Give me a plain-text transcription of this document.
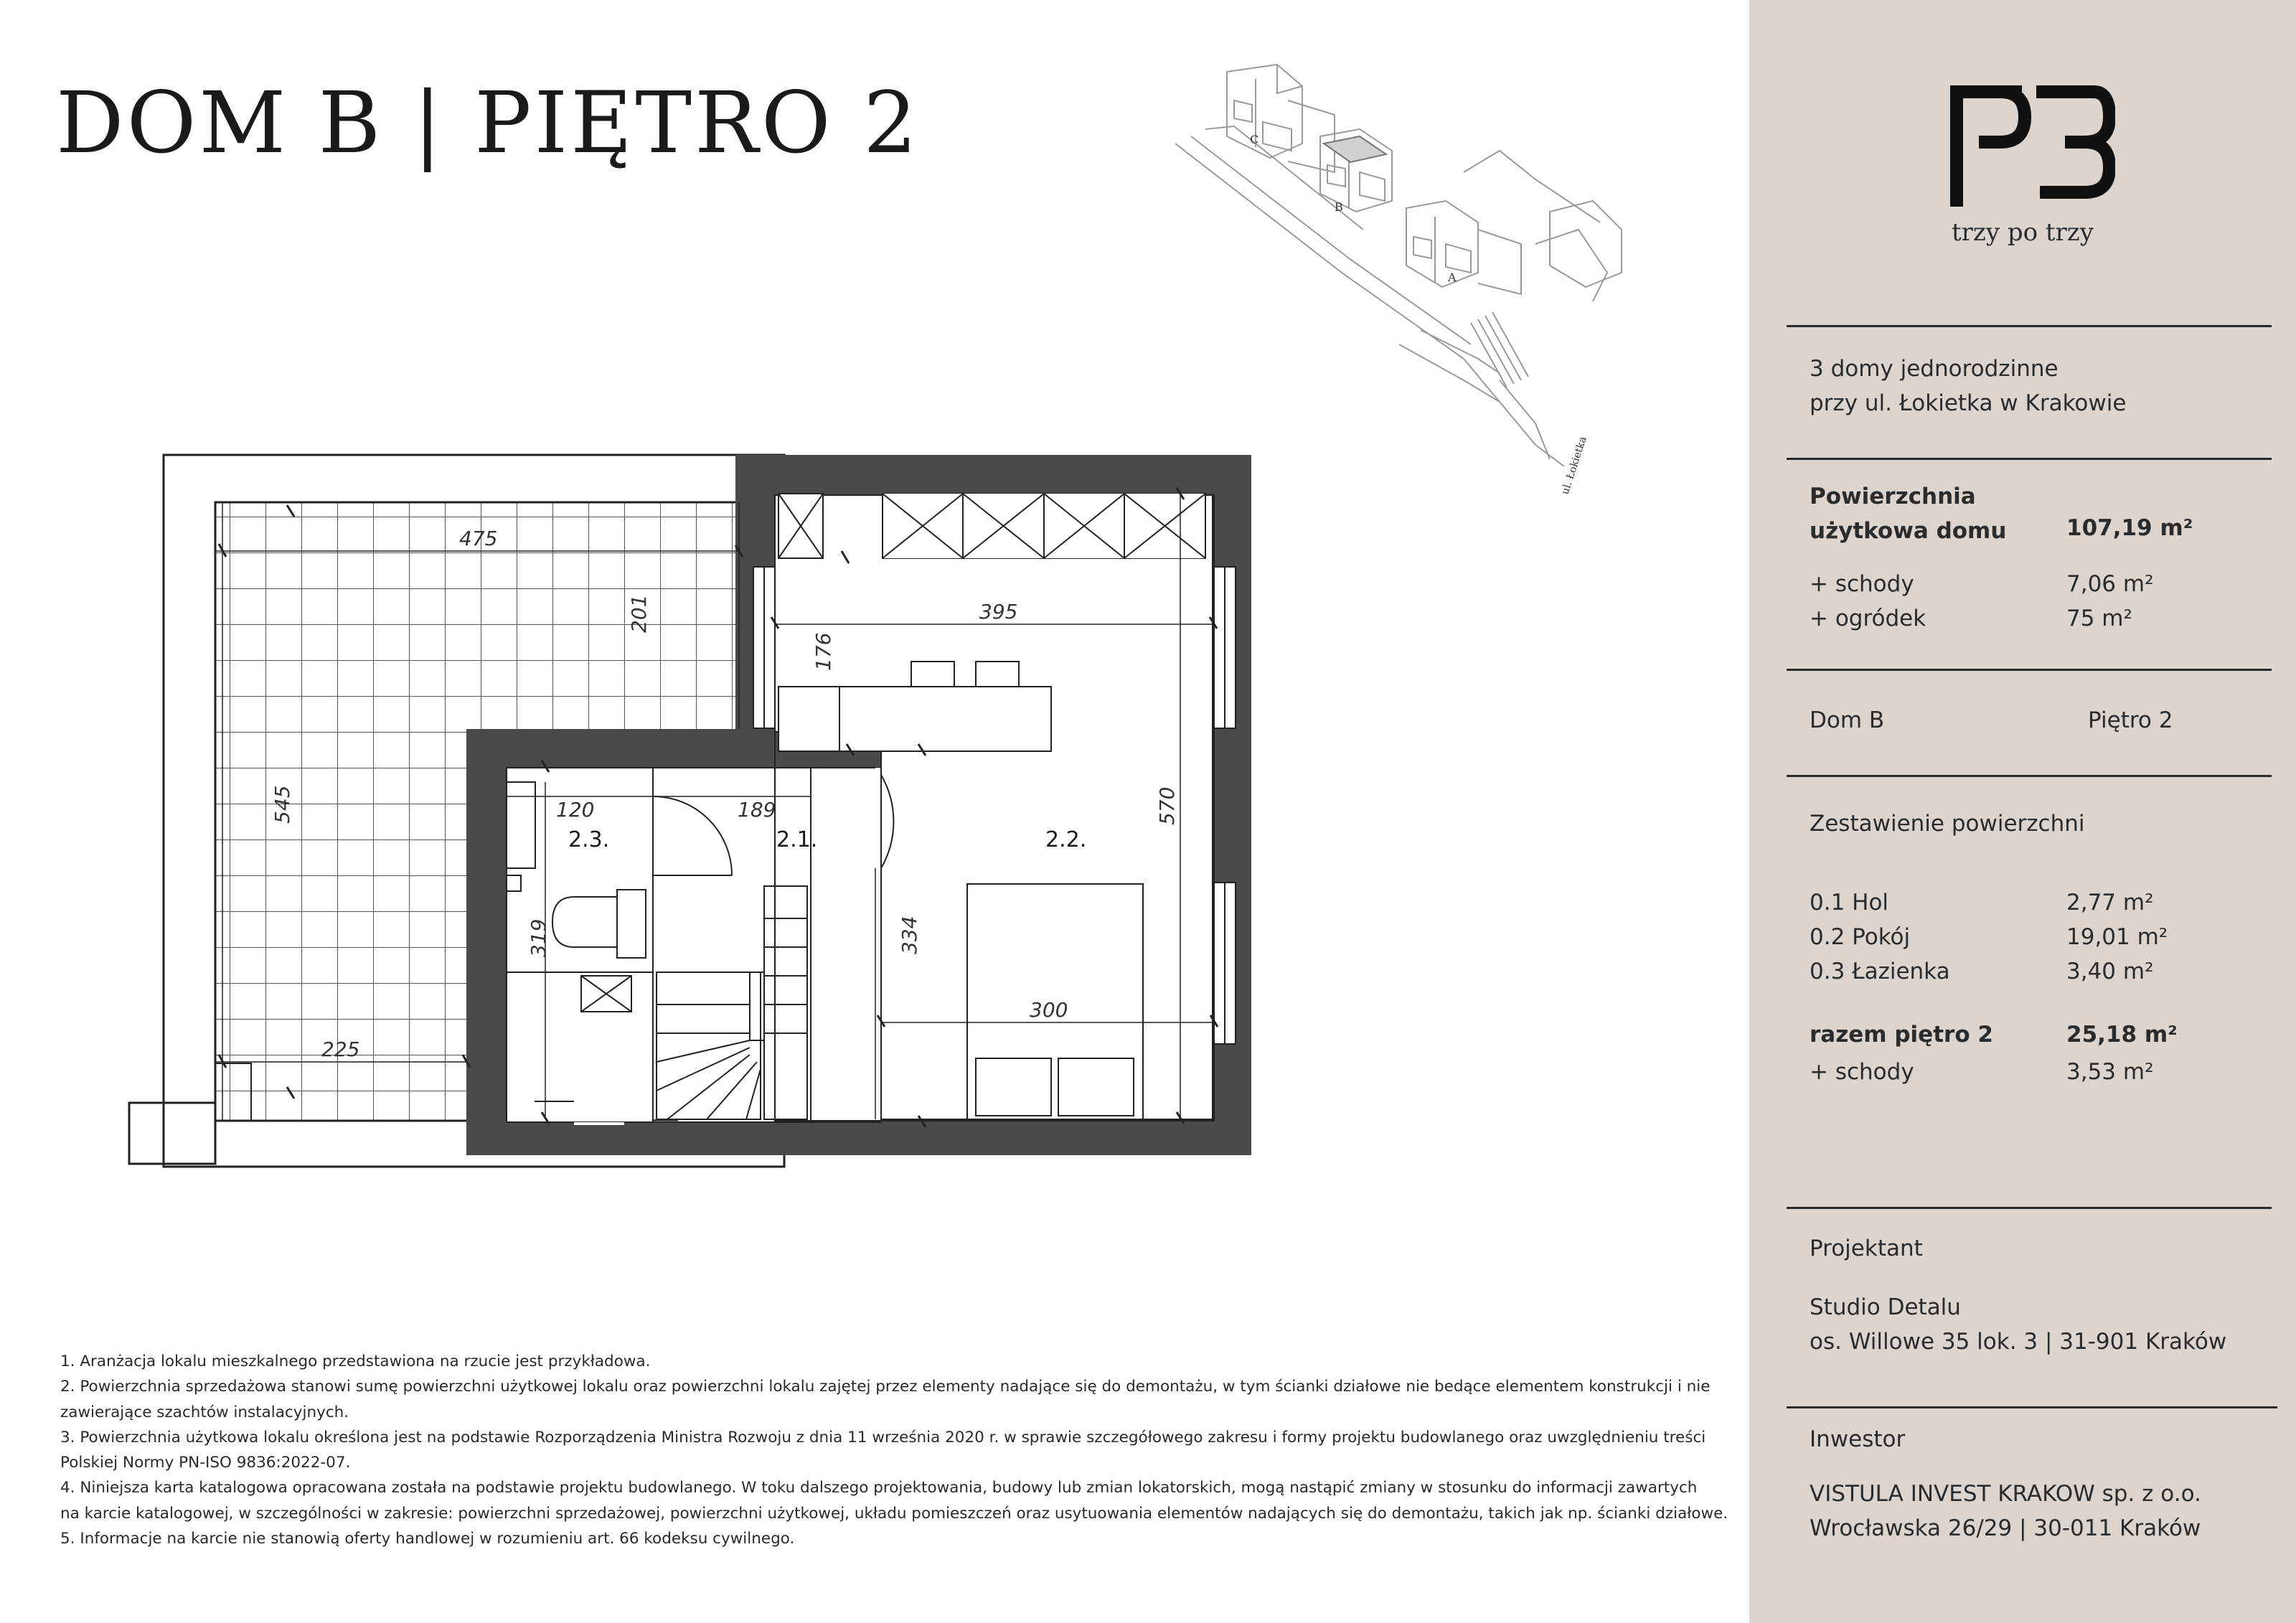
DOM B | PIĘTRO 2	C
B
A
ul. Łokietka
475
201
545
225
395
176
120	189
319	334
570
300
2.3.	2.1.	2.2.
1. Aranżacja lokalu mieszkalnego przedstawiona na rzucie jest przykładowa.
2. Powierzchnia sprzedażowa stanowi sumę powierzchni użytkowej lokalu oraz powierzchni lokalu zajętej przez elementy nadające się do demontażu, w tym ścianki działowe nie bedące elementem konstrukcji i nie
zawierające szachtów instalacyjnych.
3. Powierzchnia użytkowa lokalu określona jest na podstawie Rozporządzenia Ministra Rozwoju z dnia 11 września 2020 r. w sprawie szczegółowego zakresu i formy projektu budowlanego oraz uwzględnieniu treści
Polskiej Normy PN-ISO 9836:2022-07.
4. Niniejsza karta katalogowa opracowana została na podstawie projektu budowlanego. W toku dalszego projektowania, budowy lub zmian lokatorskich, mogą nastąpić zmiany w stosunku do informacji zawartych
na karcie katalogowej, w szczególności w zakresie: powierzchni sprzedażowej, powierzchni użytkowej, układu pomieszczeń oraz usytuowania elementów nadających się do demontażu, takich jak np. ścianki działowe.
5. Informacje na karcie nie stanowią oferty handlowej w rozumieniu art. 66 kodeksu cywilnego.
trzy po trzy
3 domy jednorodzinne
przy ul. Łokietka w Krakowie
Powierzchnia
użytkowa domu	107,19 m²
+ schody	7,06 m²
+ ogródek	75 m²
Dom B	Piętro 2
Zestawienie powierzchni
0.1 Hol	2,77 m²
0.2 Pokój	19,01 m²
0.3 Łazienka	3,40 m²
razem piętro 2	25,18 m²
+ schody	3,53 m²
Projektant
Studio Detalu
os. Willowe 35 lok. 3 | 31-901 Kraków
Inwestor
VISTULA INVEST KRAKOW sp. z o.o.
Wrocławska 26/29 | 30-011 Kraków
